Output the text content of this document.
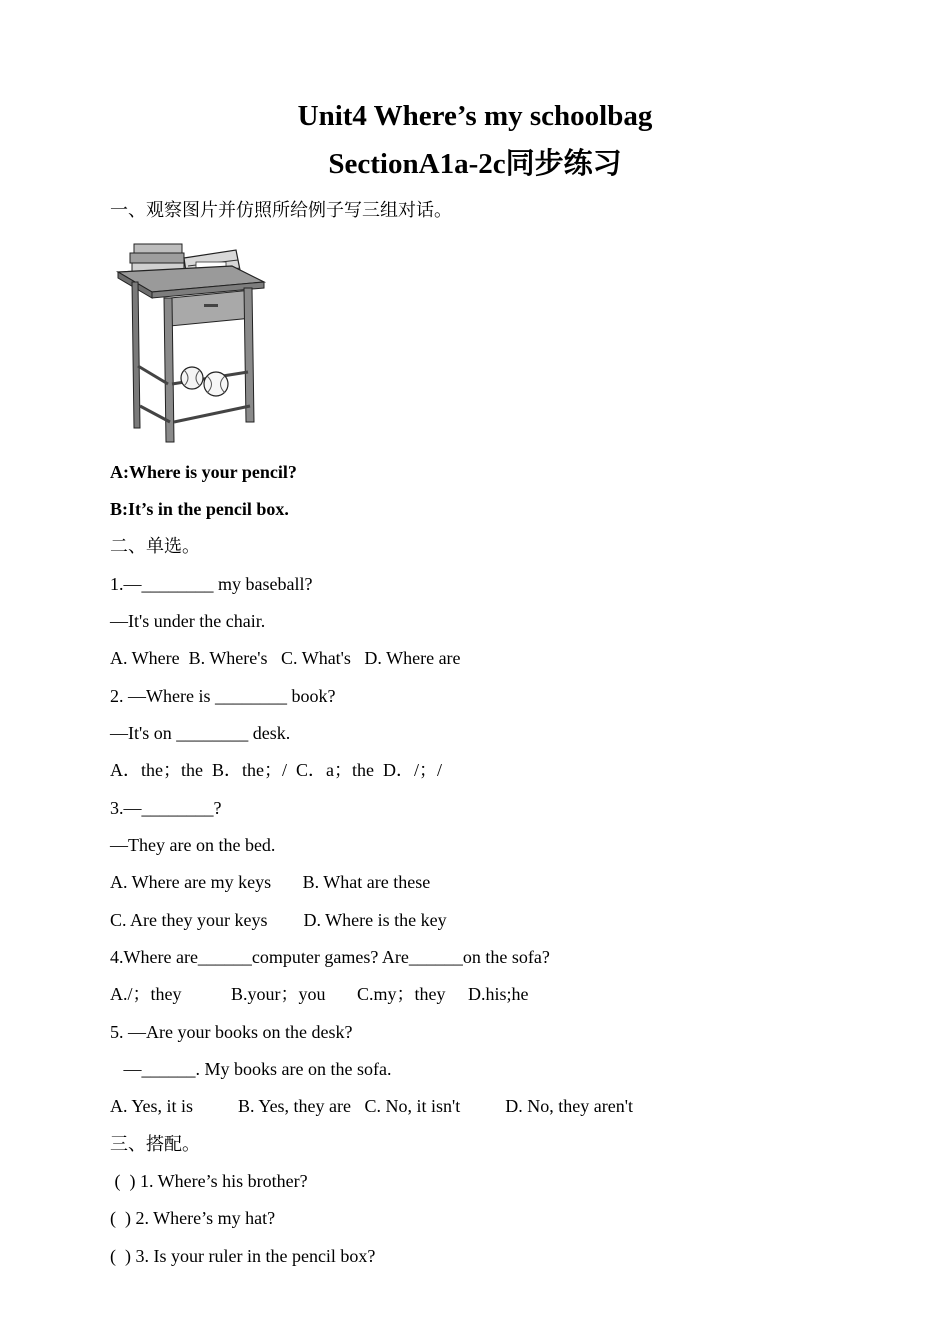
Unit4 Where’s my schoolbag
SectionA1a-2c同步练习
一、观察图片并仿照所给例子写三组对话。
A:Where is your pencil?
B:It’s in the pencil box.
二、单选。
1.—________ my baseball?
—It's under the chair.
A. Where  B. Where's   C. What's   D. Where are
2. —Where is ________ book?
—It's on ________ desk.
A．the；the  B．the；/  C．a；the  D．/；/
3.—________?
—They are on the bed.
A. Where are my keys       B. What are these
C. Are they your keys        D. Where is the key
4.Where are______computer games? Are______on the sofa?
A./；they           B.your；you       C.my；they     D.his;he
5. —Are your books on the desk?
—______. My books are on the sofa.
A. Yes, it is          B. Yes, they are   C. No, it isn't          D. No, they aren't
三、搭配。
(  ) 1. Where’s his brother?
(  ) 2. Where’s my hat?
(  ) 3. Is your ruler in the pencil box?
